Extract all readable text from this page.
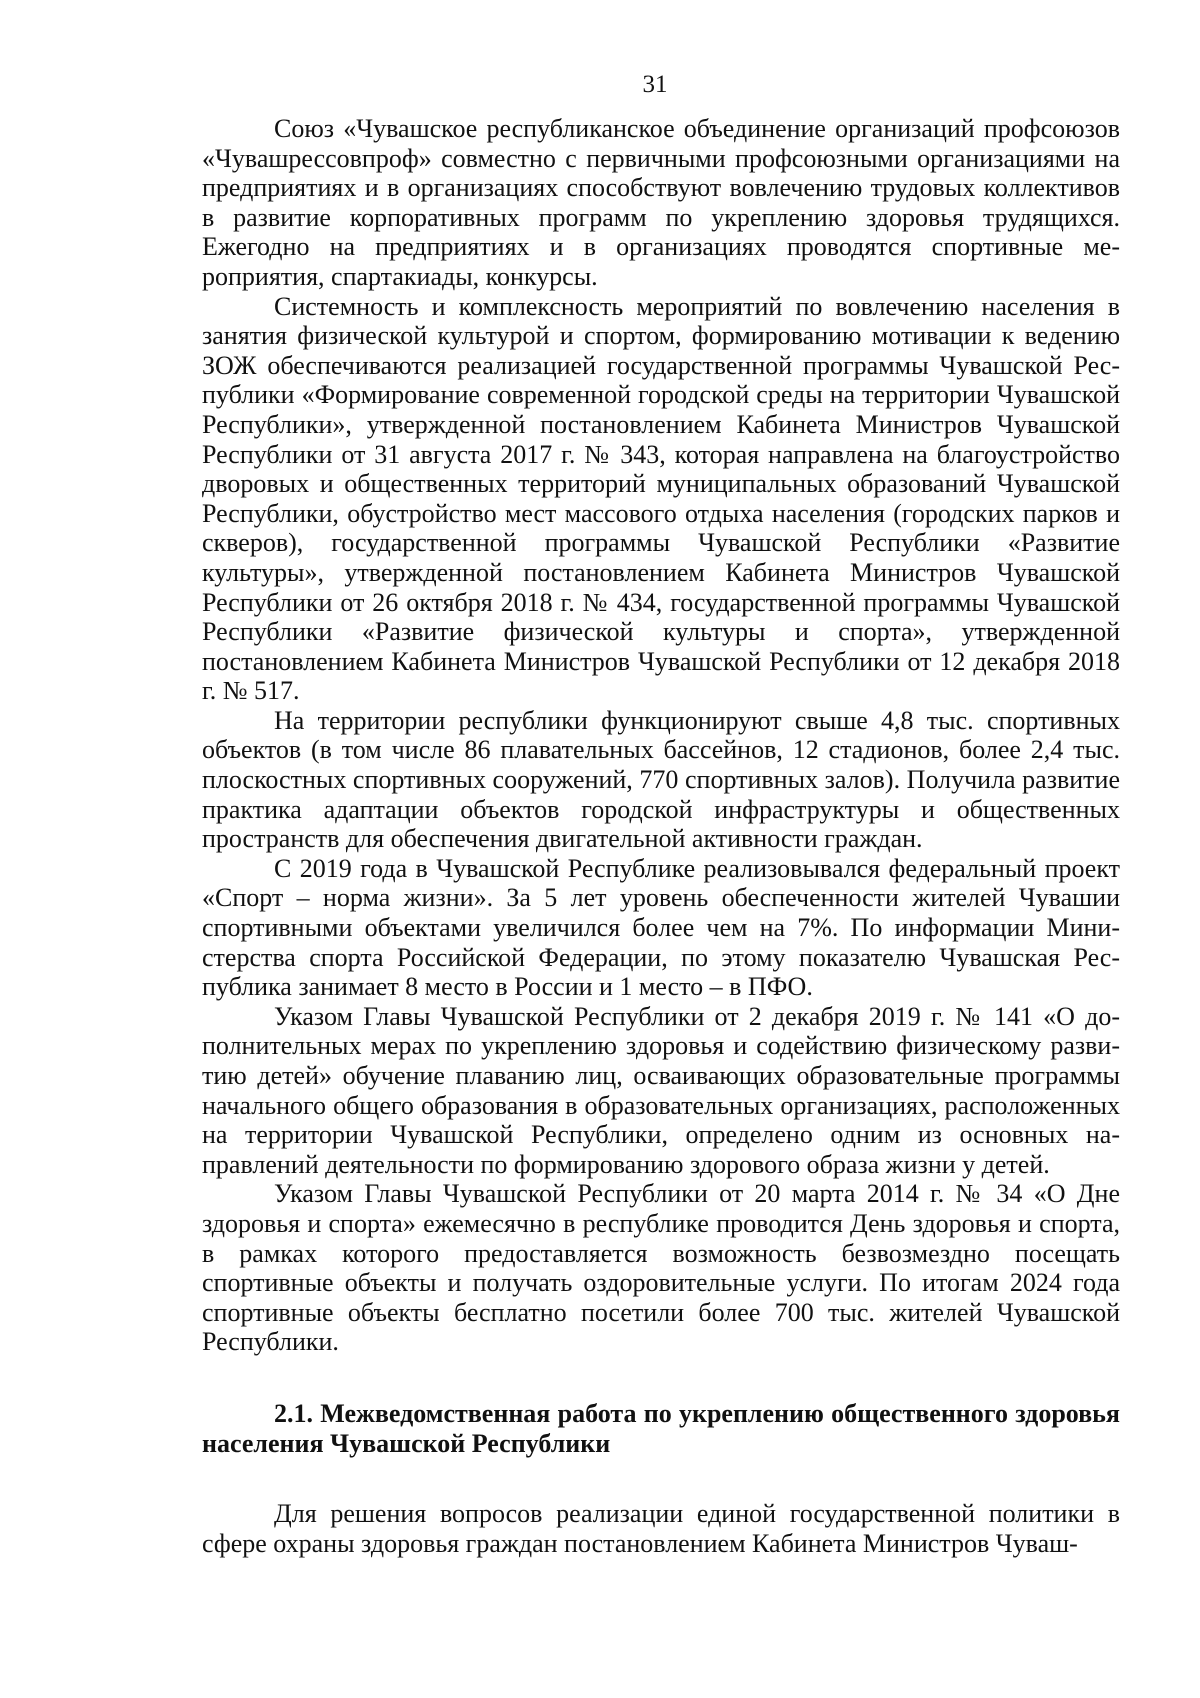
31

Союз «Чувашское республиканское объединение организаций профсоюзов «Чувашрессовпроф» совместно с первичными профсоюзными организациями на предприятиях и в организациях способствуют вовлечению трудовых коллективов в развитие корпоративных программ по укреплению здоровья трудящихся. Ежегодно на предприятиях и в организациях проводятся спортивные мероприятия, спартакиады, конкурсы.

Системность и комплексность мероприятий по вовлечению населения в занятия физической культурой и спортом, формированию мотивации к ведению ЗОЖ обеспечиваются реализацией государственной программы Чувашской Республики «Формирование современной городской среды на территории Чувашской Республики», утвержденной постановлением Кабинета Министров Чувашской Республики от 31 августа 2017 г. № 343, которая направлена на благоустройство дворовых и общественных территорий муниципальных образований Чувашской Республики, обустройство мест массового отдыха населения (городских парков и скверов), государственной программы Чувашской Республики «Развитие культуры», утвержденной постановлением Кабинета Министров Чувашской Республики от 26 октября 2018 г. № 434, государственной программы Чувашской Республики «Развитие физической культуры и спорта», утвержденной постановлением Кабинета Министров Чувашской Республики от 12 декабря 2018 г. № 517.

На территории республики функционируют свыше 4,8 тыс. спортивных объектов (в том числе 86 плавательных бассейнов, 12 стадионов, более 2,4 тыс. плоскостных спортивных сооружений, 770 спортивных залов). Получила развитие практика адаптации объектов городской инфраструктуры и общественных пространств для обеспечения двигательной активности граждан.

С 2019 года в Чувашской Республике реализовывался федеральный проект «Спорт – норма жизни». За 5 лет уровень обеспеченности жителей Чувашии спортивными объектами увеличился более чем на 7%. По информации Министерства спорта Российской Федерации, по этому показателю Чувашская Республика занимает 8 место в России и 1 место – в ПФО.

Указом Главы Чувашской Республики от 2 декабря 2019 г. № 141 «О дополнительных мерах по укреплению здоровья и содействию физическому развитию детей» обучение плаванию лиц, осваивающих образовательные программы начального общего образования в образовательных организациях, расположенных на территории Чувашской Республики, определено одним из основных направлений деятельности по формированию здорового образа жизни у детей.

Указом Главы Чувашской Республики от 20 марта 2014 г. № 34 «О Дне здоровья и спорта» ежемесячно в республике проводится День здоровья и спорта, в рамках которого предоставляется возможность безвозмездно посещать спортивные объекты и получать оздоровительные услуги. По итогам 2024 года спортивные объекты бесплатно посетили более 700 тыс. жителей Чувашской Республики.

2.1. Межведомственная работа по укреплению общественного здоровья населения Чувашской Республики

Для решения вопросов реализации единой государственной политики в сфере охраны здоровья граждан постановлением Кабинета Министров Чуваш-
